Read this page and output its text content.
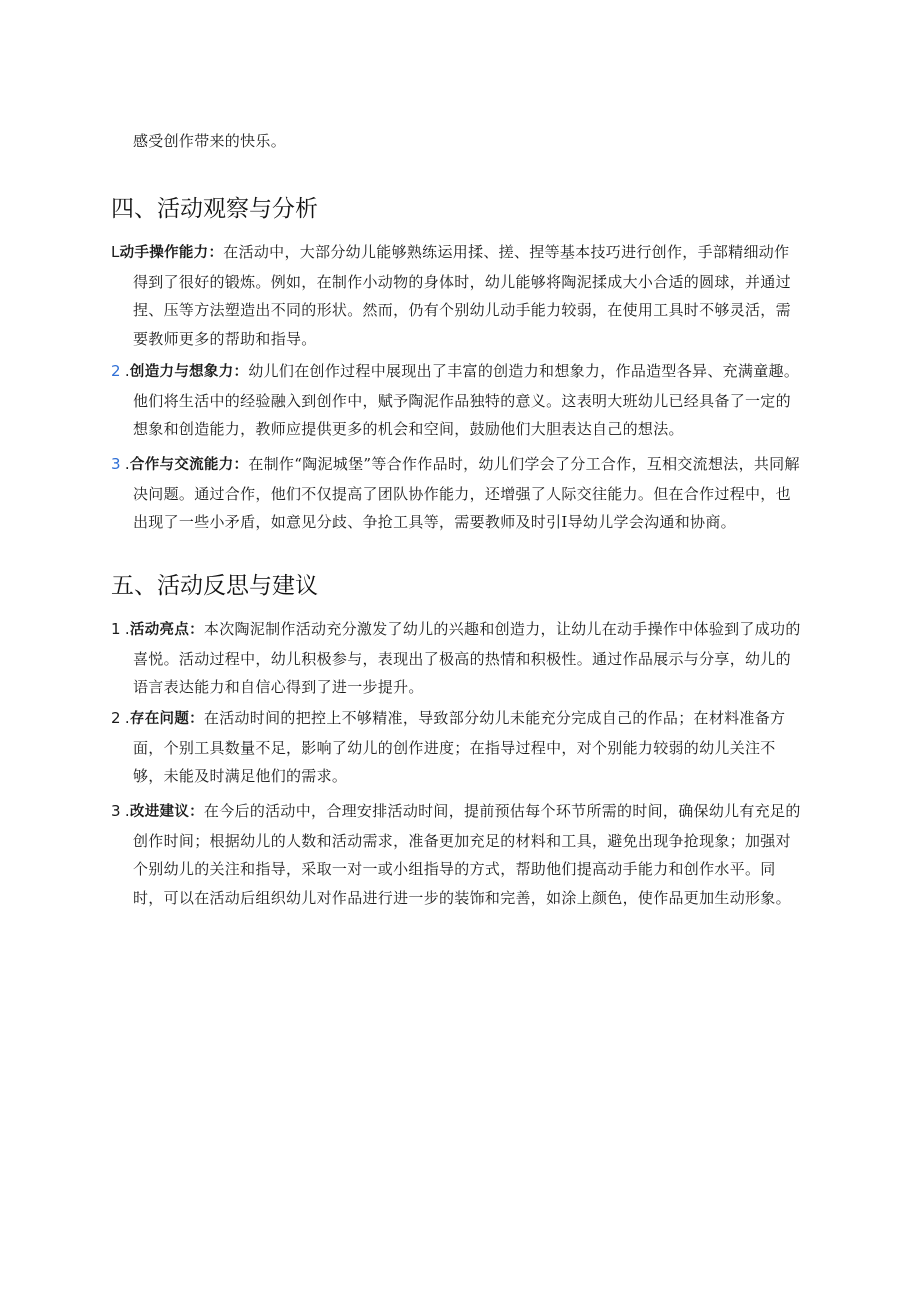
感受创作带来的快乐。
四、活动观察与分析

L动手操作能力：在活动中，大部分幼儿能够熟练运用揉、搓、捏等基本技巧进行创作，手部精细动作得到了很好的锻炼。例如，在制作小动物的身体时，幼儿能够将陶泥揉成大小合适的圆球，并通过捏、压等方法塑造出不同的形状。然而，仍有个别幼儿动手能力较弱，在使用工具时不够灵活，需要教师更多的帮助和指导。

2 .创造力与想象力：幼儿们在创作过程中展现出了丰富的创造力和想象力，作品造型各异、充满童趣。他们将生活中的经验融入到创作中，赋予陶泥作品独特的意义。这表明大班幼儿已经具备了一定的想象和创造能力，教师应提供更多的机会和空间，鼓励他们大胆表达自己的想法。

3 .合作与交流能力：在制作“陶泥城堡”等合作作品时，幼儿们学会了分工合作，互相交流想法，共同解决问题。通过合作，他们不仅提高了团队协作能力，还增强了人际交往能力。但在合作过程中，也出现了一些小矛盾，如意见分歧、争抢工具等，需要教师及时引I导幼儿学会沟通和协商。

五、活动反思与建议

1 .活动亮点：本次陶泥制作活动充分激发了幼儿的兴趣和创造力，让幼儿在动手操作中体验到了成功的喜悦。活动过程中，幼儿积极参与，表现出了极高的热情和积极性。通过作品展示与分享，幼儿的语言表达能力和自信心得到了进一步提升。

2 .存在问题：在活动时间的把控上不够精准，导致部分幼儿未能充分完成自己的作品；在材料准备方面，个别工具数量不足，影响了幼儿的创作进度；在指导过程中，对个别能力较弱的幼儿关注不够，未能及时满足他们的需求。

3 .改进建议：在今后的活动中，合理安排活动时间，提前预估每个环节所需的时间，确保幼儿有充足的创作时间；根据幼儿的人数和活动需求，准备更加充足的材料和工具，避免出现争抢现象；加强对个别幼儿的关注和指导，采取一对一或小组指导的方式，帮助他们提高动手能力和创作水平。同时，可以在活动后组织幼儿对作品进行进一步的装饰和完善，如涂上颜色，使作品更加生动形象。
